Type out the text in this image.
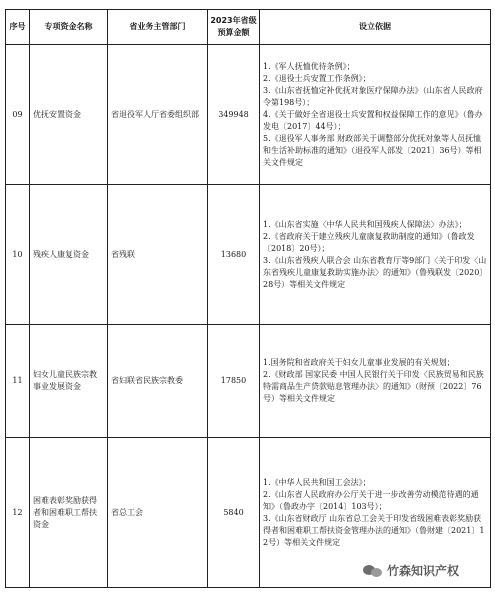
序号	专项资金名称	省业务主管部门	2023年省级预算金额	设立依据
09	优抚安置资金	省退役军人厅省委组织部	349948	1.《军人抚恤优待条例》；
2.《退役士兵安置工作条例》；
3.《山东省抚恤定补优抚对象医疗保障办法》（山东省人民政府令第198号）；
4.《关于做好全省退役士兵安置和权益保障工作的意见》（鲁办发电〔2017〕44号）；
5.《退役军人事务部 财政部关于调整部分优抚对象等人员抚恤和生活补助标准的通知》（退役军人部发〔2021〕36号）等相关文件规定

10	残疾人康复资金	省残联	13680	1.《山东省实施〈中华人民共和国残疾人保障法〉办法》；
2.《省政府关于建立残疾儿童康复救助制度的通知》（鲁政发〔2018〕20号）；
3.《山东省残疾人联合会 山东省教育厅等9部门〈关于印发〈山东省残疾儿童康复救助实施办法〉的通知》（鲁残联发〔2020〕28号）等相关文件规定

11	妇女儿童民族宗教事业发展资金	省妇联省民族宗教委	17850	1.国务院和省政府关于妇女儿童事业发展的有关规划；
2.《财政部 国家民委 中国人民银行关于印发〈民族贸易和民族特需商品生产贷款贴息管理办法〉的通知》（财预〔2022〕76号）等相关文件规定

12	困难表彰奖励获得者和困难职工帮扶资金	省总工会	5840	1.《中华人民共和国工会法》；
2.《山东省人民政府办公厅关于进一步改善劳动模范待遇的通知》（鲁政办字〔2014〕103号）；
3.《山东省财政厅 山东省总工会关于印发省级困难表彰奖励获得者和困难职工帮扶资金管理办法的通知》（鲁财建〔2021〕12号）等相关文件规定
竹森知识产权
